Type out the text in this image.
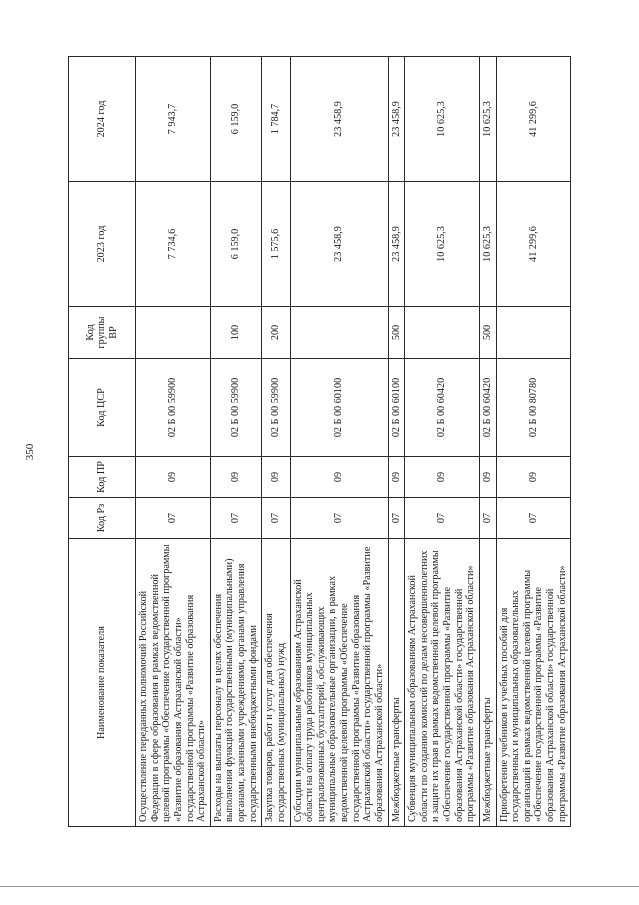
350
Наименование показателя	Код Рз	Код ПР	Код ЦСР	Код группы ВР	2023 год	2024 год
Осуществление переданных полномочий Российской Федерации в сфере образования в рамках ведомственной целевой программы «Обеспечение государственной программы «Развитие образования Астраханской области» государственной программы «Развитие образования Астраханской области»	07	09	02 Б 00 59900		7 734,6	7 943,7
Расходы на выплаты персоналу в целях обеспечения выполнения функций государственными (муниципальными) органами, казенными учреждениями, органами управления государственными внебюджетными фондами	07	09	02 Б 00 59900	100	6 159,0	6 159,0
Закупка товаров, работ и услуг для обеспечения государственных (муниципальных) нужд	07	09	02 Б 00 59900	200	1 575,6	1 784,7
Субсидии муниципальным образованиям Астраханской области на оплату труда работников муниципальных централизованных бухгалтерий, обслуживающих муниципальные образовательные организации, в рамках ведомственной целевой программы «Обеспечение государственной программы «Развитие образования Астраханской области» государственной программы «Развитие образования Астраханской области»	07	09	02 Б 00 60100		23 458,9	23 458,9
Межбюджетные трансферты	07	09	02 Б 00 60100	500	23 458,9	23 458,9
Субвенция муниципальным образованиям Астраханской области по созданию комиссий по делам несовершеннолетних и защите их прав в рамках ведомственной целевой программы «Обеспечение государственной программы «Развитие образования Астраханской области» государственной программы «Развитие образования Астраханской области»	07	09	02 Б 00 60420		10 625,3	10 625,3
Межбюджетные трансферты	07	09	02 Б 00 60420	500	10 625,3	10 625,3
Приобретение учебников и учебных пособий для государственных и муниципальных образовательных организаций в рамках ведомственной целевой программы «Обеспечение государственной программы «Развитие образования Астраханской области» государственной программы «Развитие образования Астраханской области»	07	09	02 Б 00 80780		41 299,6	41 299,6
